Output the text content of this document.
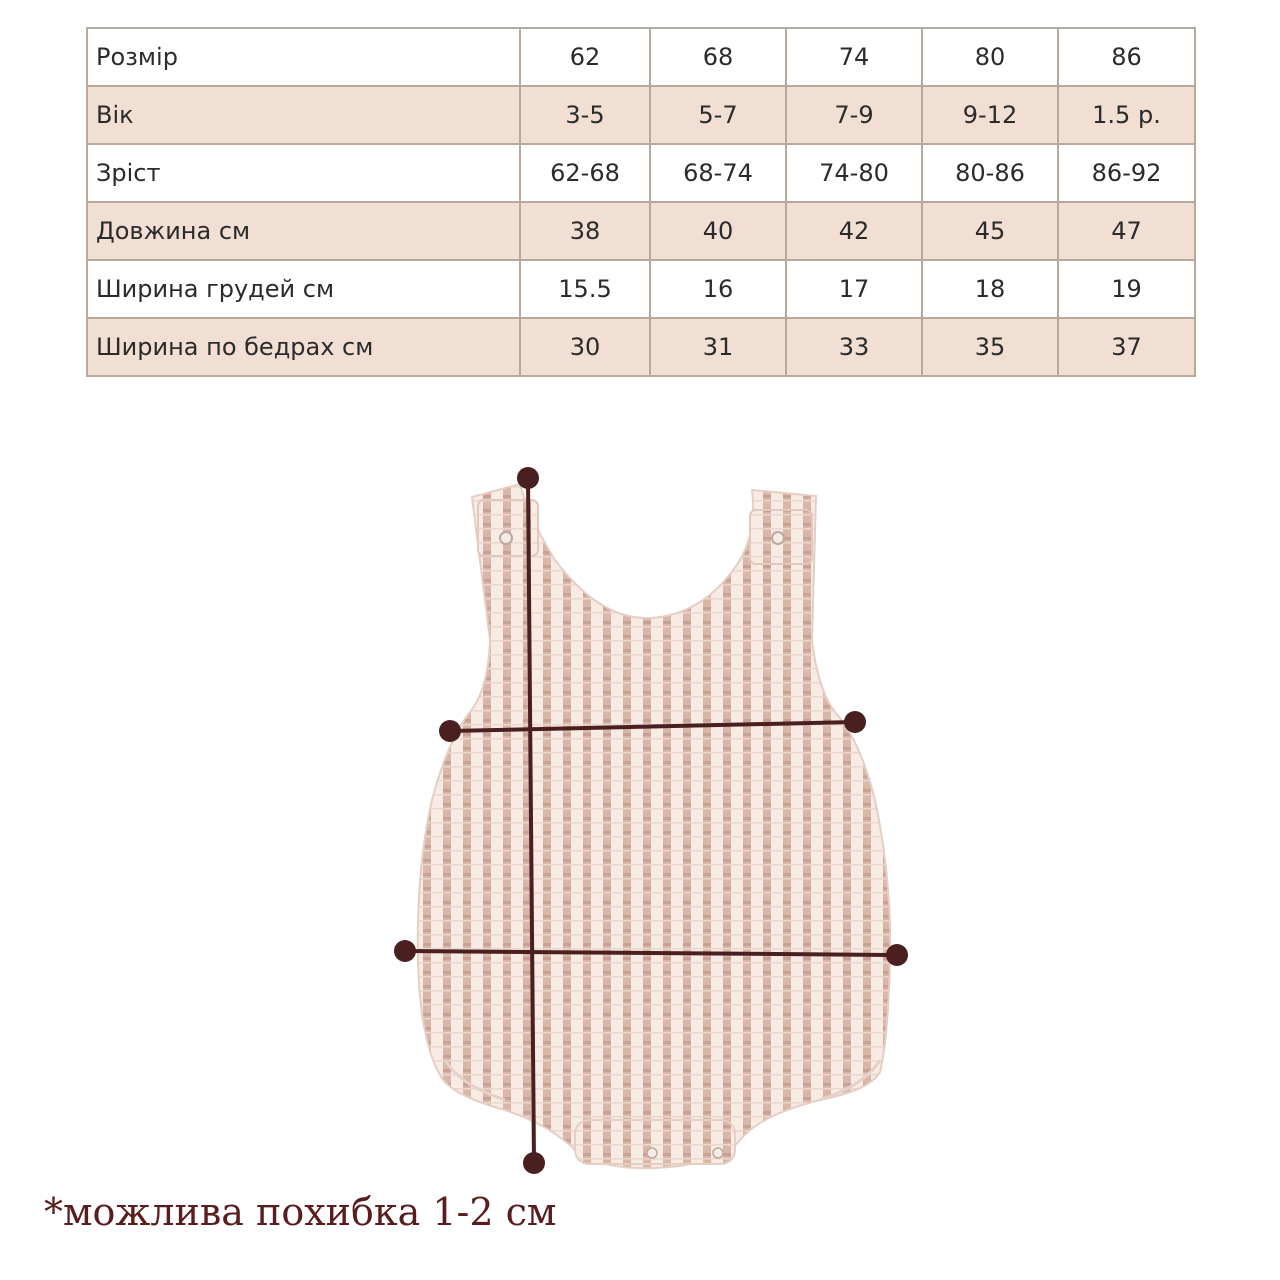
Розмір	62	68	74	80	86
Вік	3-5	5-7	7-9	9-12	1.5 р.
Зріст	62-68	68-74	74-80	80-86	86-92
Довжина см	38	40	42	45	47
Ширина грудей см	15.5	16	17	18	19
Ширина по бедрах см	30	31	33	35	37
*можлива похибка 1-2 см
